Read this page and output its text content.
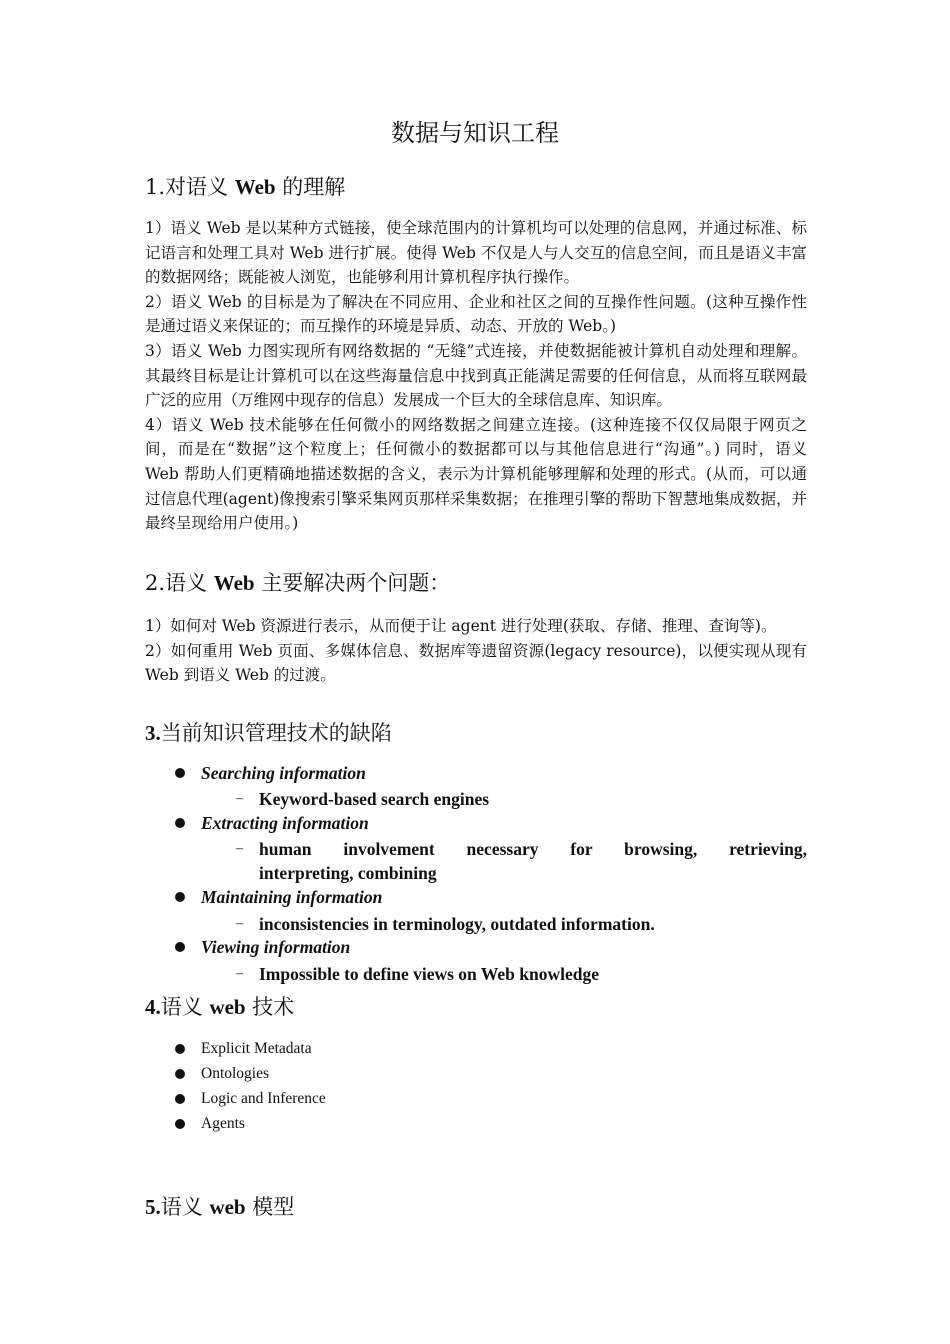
数据与知识工程
1.对语义 Web 的理解

1）语义 Web 是以某种方式链接，使全球范围内的计算机均可以处理的信息网，并通过标准、标记语言和处理工具对 Web 进行扩展。使得 Web 不仅是人与人交互的信息空间，而且是语义丰富的数据网络；既能被人浏览，也能够利用计算机程序执行操作。

2）语义 Web 的目标是为了解决在不同应用、企业和社区之间的互操作性问题。(这种互操作性是通过语义来保证的；而互操作的环境是异质、动态、开放的 Web。)

3）语义 Web 力图实现所有网络数据的 “无缝”式连接，并使数据能被计算机自动处理和理解。其最终目标是让计算机可以在这些海量信息中找到真正能满足需要的任何信息，从而将互联网最广泛的应用（万维网中现存的信息）发展成一个巨大的全球信息库、知识库。

4）语义 Web 技术能够在任何微小的网络数据之间建立连接。(这种连接不仅仅局限于网页之间，而是在“数据”这个粒度上；任何微小的数据都可以与其他信息进行“沟通”。) 同时，语义 Web 帮助人们更精确地描述数据的含义，表示为计算机能够理解和处理的形式。(从而，可以通过信息代理(agent)像搜索引擎采集网页那样采集数据；在推理引擎的帮助下智慧地集成数据，并最终呈现给用户使用。)

2.语义 Web 主要解决两个问题：

1）如何对 Web 资源进行表示，从而便于让 agent 进行处理(获取、存储、推理、查询等)。

2）如何重用 Web 页面、多媒体信息、数据库等遗留资源(legacy resource)，以便实现从现有 Web 到语义 Web 的过渡。

3.当前知识管理技术的缺陷
Searching information
– Keyword-based search engines
Extracting information
– human involvement necessary for browsing, retrieving,
interpreting, combining
Maintaining information
– inconsistencies in terminology, outdated information.
Viewing information
– Impossible to define views on Web knowledge
4.语义 web 技术
Explicit Metadata
Ontologies
Logic and Inference
Agents
5.语义 web 模型
